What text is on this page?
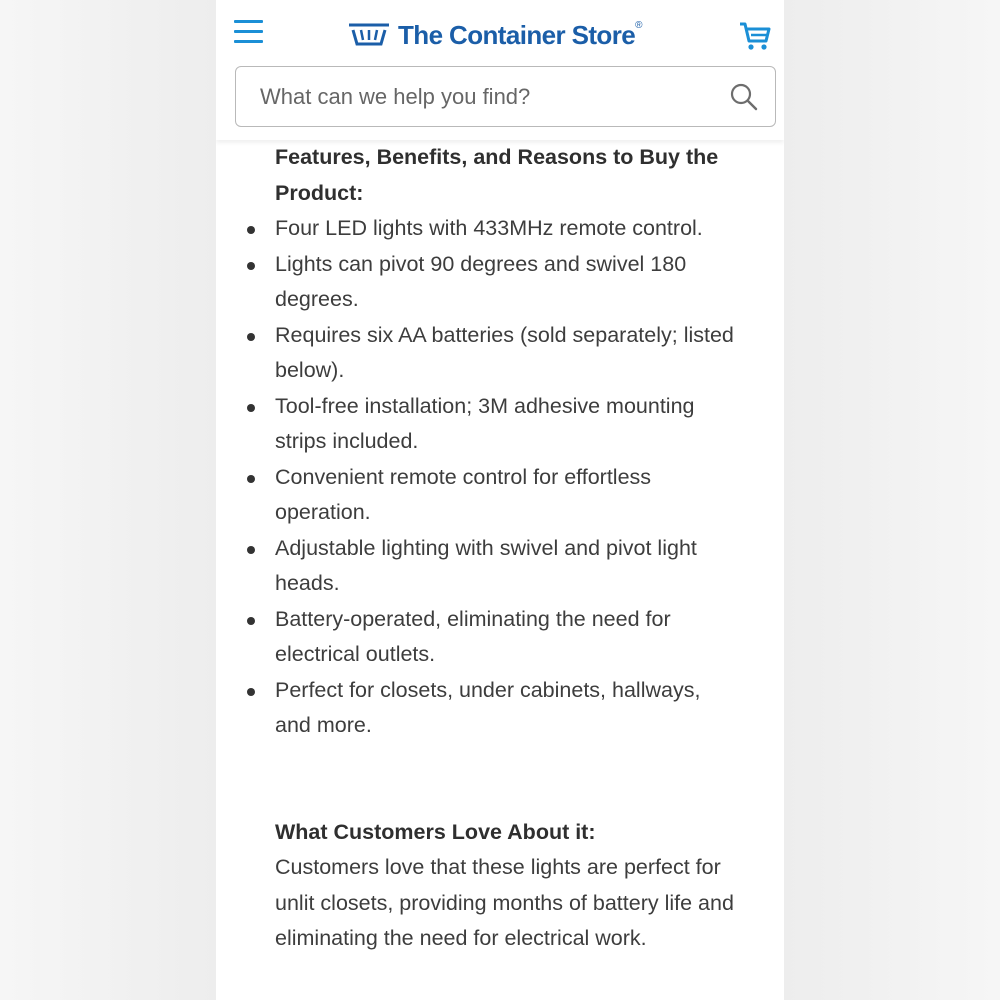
The Container Store®
What can we help you find?
Features, Benefits, and Reasons to Buy the Product:
Four LED lights with 433MHz remote control.
Lights can pivot 90 degrees and swivel 180 degrees.
Requires six AA batteries (sold separately; listed below).
Tool-free installation; 3M adhesive mounting strips included.
Convenient remote control for effortless operation.
Adjustable lighting with swivel and pivot light heads.
Battery-operated, eliminating the need for electrical outlets.
Perfect for closets, under cabinets, hallways, and more.
What Customers Love About it:
Customers love that these lights are perfect for unlit closets, providing months of battery life and eliminating the need for electrical work.
